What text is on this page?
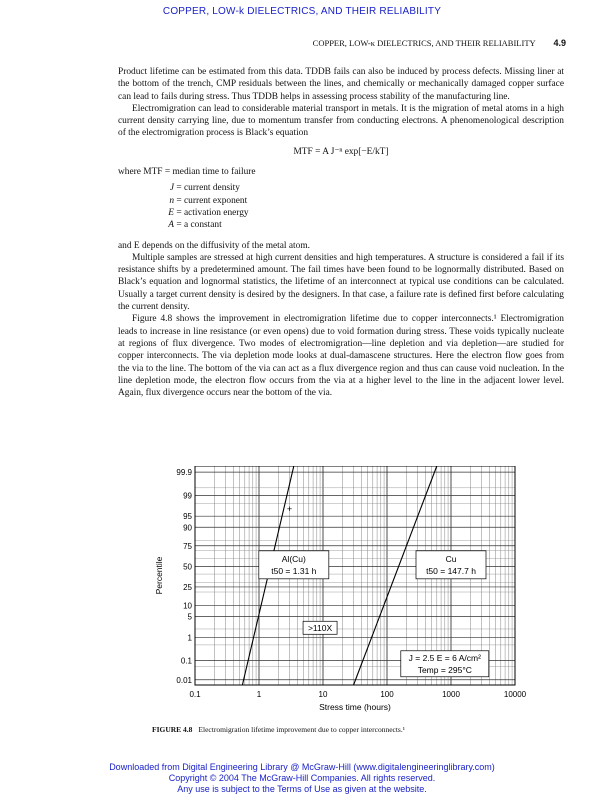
COPPER, LOW-k DIELECTRICS, AND THEIR RELIABILITY
COPPER, LOW-κ DIELECTRICS, AND THEIR RELIABILITY 4.9

Product lifetime can be estimated from this data. TDDB fails can also be induced by process defects. Missing liner at the bottom of the trench, CMP residuals between the lines, and chemically or mechanically damaged copper surface can lead to fails during stress. Thus TDDB helps in assessing process stability of the manufacturing line.

Electromigration can lead to considerable material transport in metals. It is the migration of metal atoms in a high current density carrying line, due to momentum transfer from conducting electrons. A phenomenological description of the electromigration process is Black’s equation

MTF = A J⁻ⁿ exp[−E/kT]

where MTF = median time to failure

J = current density
n = current exponent
E = activation energy
A = a constant

and E depends on the diffusivity of the metal atom.

Multiple samples are stressed at high current densities and high temperatures. A structure is considered a fail if its resistance shifts by a predetermined amount. The fail times have been found to be lognormally distributed. Based on Black’s equation and lognormal statistics, the lifetime of an interconnect at typical use conditions can be calculated. Usually a target current density is desired by the designers. In that case, a failure rate is defined first before calculating the current density.

Figure 4.8 shows the improvement in electromigration lifetime due to copper interconnects.¹ Electromigration leads to increase in line resistance (or even opens) due to void formation during stress. These voids typically nucleate at regions of flux divergence. Two modes of electromigration—line depletion and via depletion—are studied for copper interconnects. The via depletion mode looks at dual-damascene structures. Here the electron flow goes from the via to the line. The bottom of the via can act as a flux divergence region and thus can cause void nucleation. In the line depletion mode, the electron flow occurs from the via at a higher level to the line in the adjacent lower level. Again, flux divergence occurs near the bottom of the via.

0.1	1	10	100	1000	10000
0.01
0.1
1
5
10
25
50
75
90
95
99
99.9
+
Al(Cu)
t50 = 1.31 h
Cu
t50 = 147.7 h
>110X
J = 2.5 E = 6 A/cm²
Temp = 295°C
Stress time (hours)
Percentile
FIGURE 4.8 Electromigration lifetime improvement due to copper interconnects.¹
Downloaded from Digital Engineering Library @ McGraw-Hill (www.digitalengineeringlibrary.com)
Copyright © 2004 The McGraw-Hill Companies. All rights reserved.
Any use is subject to the Terms of Use as given at the website.
